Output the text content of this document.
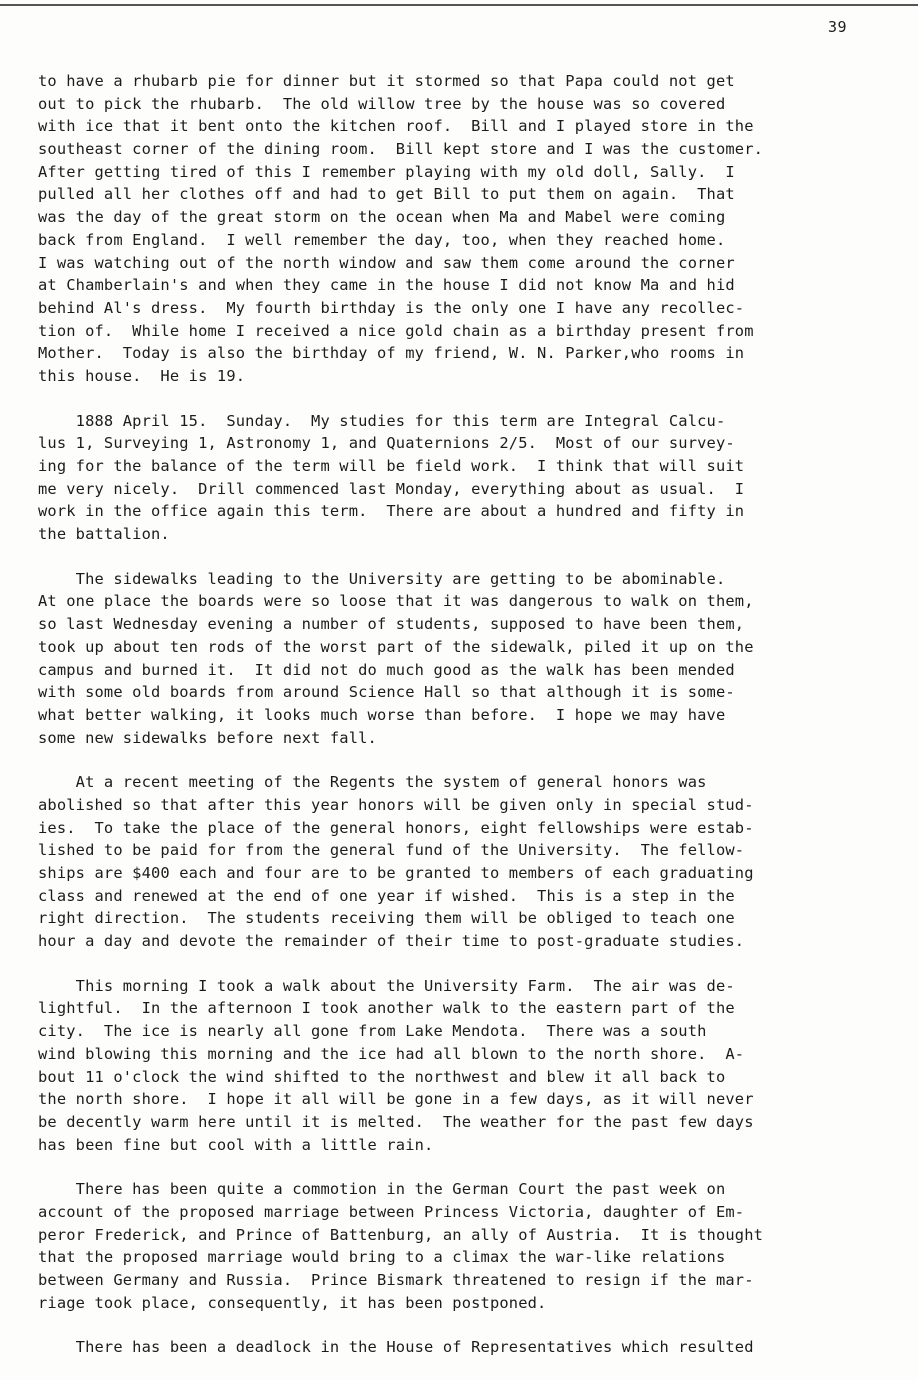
39
to have a rhubarb pie for dinner but it stormed so that Papa could not get
out to pick the rhubarb.  The old willow tree by the house was so covered
with ice that it bent onto the kitchen roof.  Bill and I played store in the
southeast corner of the dining room.  Bill kept store and I was the customer.
After getting tired of this I remember playing with my old doll, Sally.  I
pulled all her clothes off and had to get Bill to put them on again.  That
was the day of the great storm on the ocean when Ma and Mabel were coming
back from England.  I well remember the day, too, when they reached home.
I was watching out of the north window and saw them come around the corner
at Chamberlain's and when they came in the house I did not know Ma and hid
behind Al's dress.  My fourth birthday is the only one I have any recollec-
tion of.  While home I received a nice gold chain as a birthday present from
Mother.  Today is also the birthday of my friend, W. N. Parker,who rooms in
this house.  He is 19.
1888 April 15.  Sunday.  My studies for this term are Integral Calcu-
lus 1, Surveying 1, Astronomy 1, and Quaternions 2/5.  Most of our survey-
ing for the balance of the term will be field work.  I think that will suit
me very nicely.  Drill commenced last Monday, everything about as usual.  I
work in the office again this term.  There are about a hundred and fifty in
the battalion.
The sidewalks leading to the University are getting to be abominable.
At one place the boards were so loose that it was dangerous to walk on them,
so last Wednesday evening a number of students, supposed to have been them,
took up about ten rods of the worst part of the sidewalk, piled it up on the
campus and burned it.  It did not do much good as the walk has been mended
with some old boards from around Science Hall so that although it is some-
what better walking, it looks much worse than before.  I hope we may have
some new sidewalks before next fall.
At a recent meeting of the Regents the system of general honors was
abolished so that after this year honors will be given only in special stud-
ies.  To take the place of the general honors, eight fellowships were estab-
lished to be paid for from the general fund of the University.  The fellow-
ships are $400 each and four are to be granted to members of each graduating
class and renewed at the end of one year if wished.  This is a step in the
right direction.  The students receiving them will be obliged to teach one
hour a day and devote the remainder of their time to post-graduate studies.
This morning I took a walk about the University Farm.  The air was de-
lightful.  In the afternoon I took another walk to the eastern part of the
city.  The ice is nearly all gone from Lake Mendota.  There was a south
wind blowing this morning and the ice had all blown to the north shore.  A-
bout 11 o'clock the wind shifted to the northwest and blew it all back to
the north shore.  I hope it all will be gone in a few days, as it will never
be decently warm here until it is melted.  The weather for the past few days
has been fine but cool with a little rain.
There has been quite a commotion in the German Court the past week on
account of the proposed marriage between Princess Victoria, daughter of Em-
peror Frederick, and Prince of Battenburg, an ally of Austria.  It is thought
that the proposed marriage would bring to a climax the war-like relations
between Germany and Russia.  Prince Bismark threatened to resign if the mar-
riage took place, consequently, it has been postponed.
There has been a deadlock in the House of Representatives which resulted
